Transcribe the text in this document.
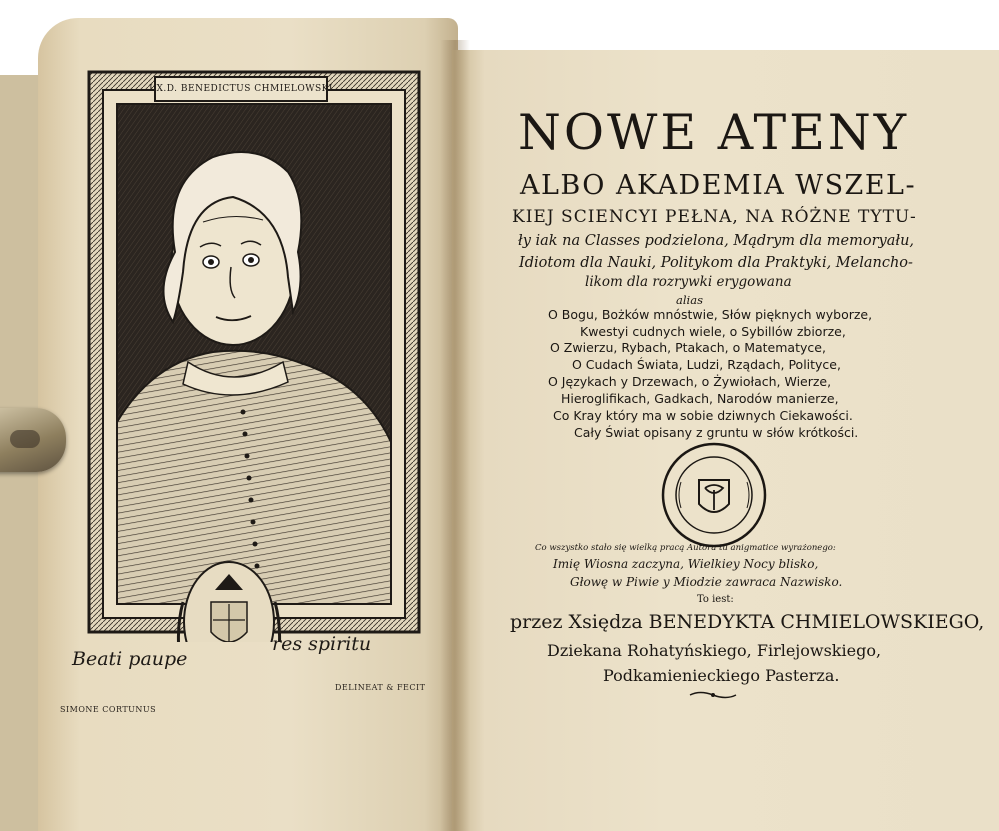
I.X.D. BENEDICTUS CHMIELOWSKI
Beati paupe
res spiritu
SIMONE CORTUNUS
DELINEAT & FECIT
NOWE ATENY
ALBO AKADEMIA WSZEL-
KIEJ SCIENCYI PEŁNA, NA RÓŻNE TYTU-
ły iak na Classes podzielona, Mądrym dla memoryału,
Idiotom dla Nauki, Politykom dla Praktyki, Melancho-
likom dla rozrywki erygowana
alias
O Bogu, Bożków mnóstwie, Słów pięknych wyborze,
Kwestyi cudnych wiele, o Sybillów zbiorze,
O Zwierzu, Rybach, Ptakach, o Matematyce,
O Cudach Świata, Ludzi, Rządach, Polityce,
O Językach y Drzewach, o Żywiołach, Wierze,
Hieroglifikach, Gadkach, Narodów manierze,
Co Kray który ma w sobie dziwnych Ciekawości.
Cały Świat opisany z gruntu w słów krótkości.
Co wszystko stało się wielką pracą Autora tu anigmatice wyrażonego:
Imię Wiosna zaczyna, Wielkiey Nocy blisko,
Głowę w Piwie y Miodzie zawraca Nazwisko.
To iest:
przez Xsiędza BENEDYKTA CHMIELOWSKIEGO,
Dziekana Rohatyńskiego, Firlejowskiego,
Podkamienieckiego Pasterza.
